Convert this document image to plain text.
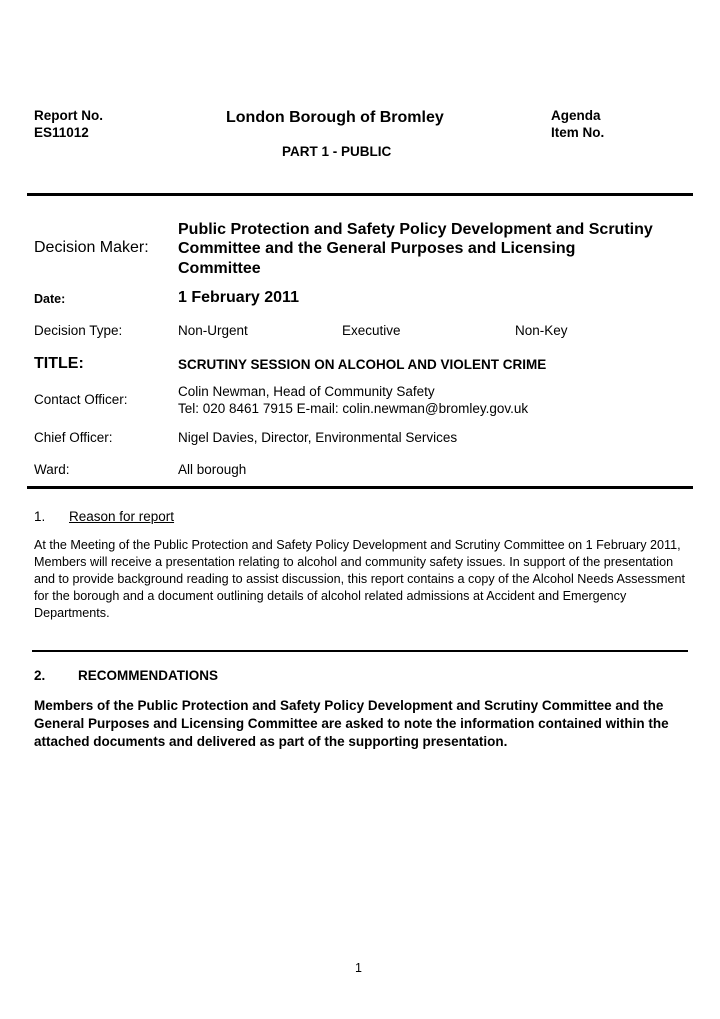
Report No.
ES11012
London Borough of Bromley	Agenda
Item No.
PART 1 - PUBLIC
Decision Maker:
Public Protection and Safety Policy Development and Scrutiny
Committee and the General Purposes and Licensing
Committee
Date:	1 February 2011
Decision Type:	Non-Urgent	Executive	Non-Key
TITLE:	SCRUTINY SESSION ON ALCOHOL AND VIOLENT CRIME
Contact Officer:
Colin Newman, Head of Community Safety
Tel: 020 8461 7915 E-mail: colin.newman@bromley.gov.uk
Chief Officer:	Nigel Davies, Director, Environmental Services
Ward:	All borough
1. Reason for report
At the Meeting of the Public Protection and Safety Policy Development and Scrutiny Committee on 1 February 2011, Members will receive a presentation relating to alcohol and community safety issues. In support of the presentation and to provide background reading to assist discussion, this report contains a copy of the Alcohol Needs Assessment for the borough and a document outlining details of alcohol related admissions at Accident and Emergency Departments.
2. RECOMMENDATIONS
Members of the Public Protection and Safety Policy Development and Scrutiny Committee and the General Purposes and Licensing Committee are asked to note the information contained within the attached documents and delivered as part of the supporting presentation.
1
